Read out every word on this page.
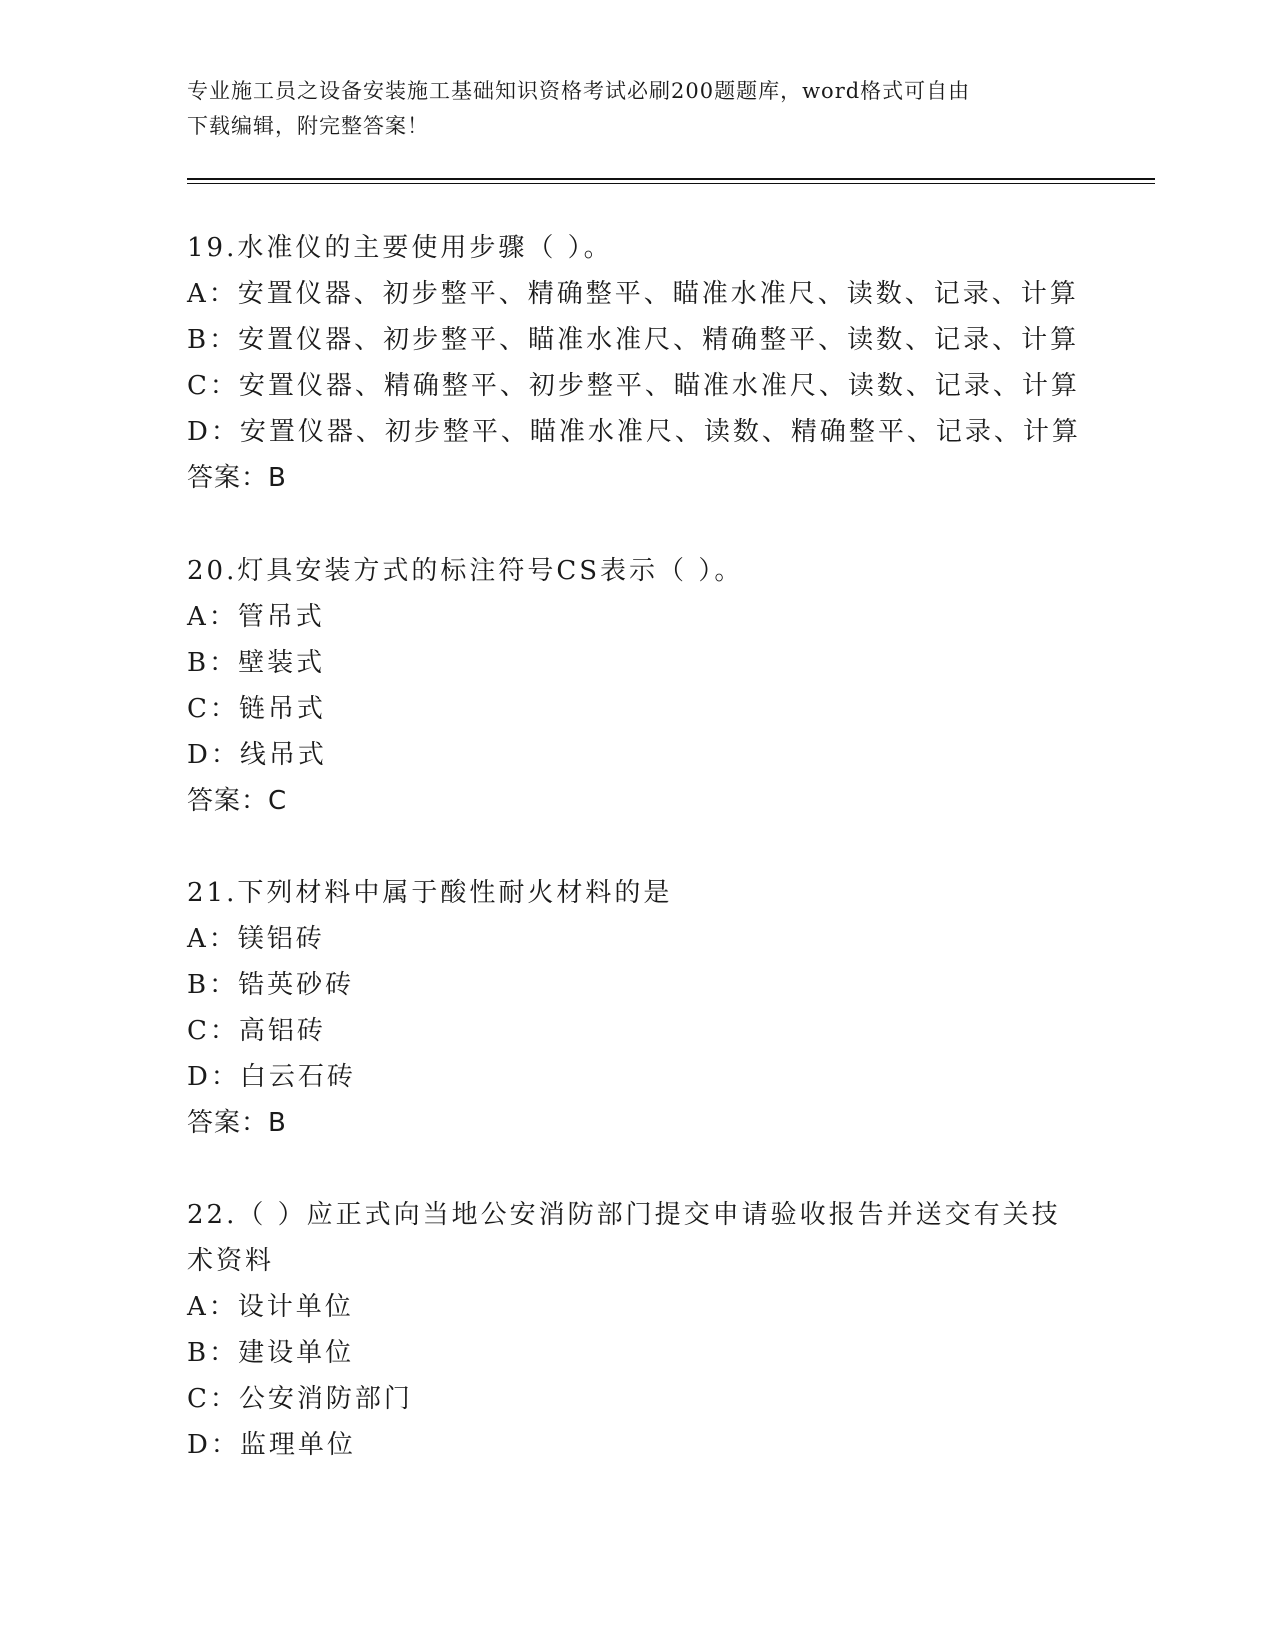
专业施工员之设备安装施工基础知识资格考试必刷200题题库，word格式可自由
下载编辑，附完整答案！
19.水准仪的主要使用步骤（ ）。
A：安置仪器、初步整平、精确整平、瞄准水准尺、读数、记录、计算
B：安置仪器、初步整平、瞄准水准尺、精确整平、读数、记录、计算
C：安置仪器、精确整平、初步整平、瞄准水准尺、读数、记录、计算
D：安置仪器、初步整平、瞄准水准尺、读数、精确整平、记录、计算
答案：B
20.灯具安装方式的标注符号CS表示（ ）。
A：管吊式
B：壁装式
C：链吊式
D：线吊式
答案：C
21.下列材料中属于酸性耐火材料的是
A：镁铝砖
B：锆英砂砖
C：高铝砖
D：白云石砖
答案：B
22.（ ）应正式向当地公安消防部门提交申请验收报告并送交有关技
术资料
A：设计单位
B：建设单位
C：公安消防部门
D：监理单位
